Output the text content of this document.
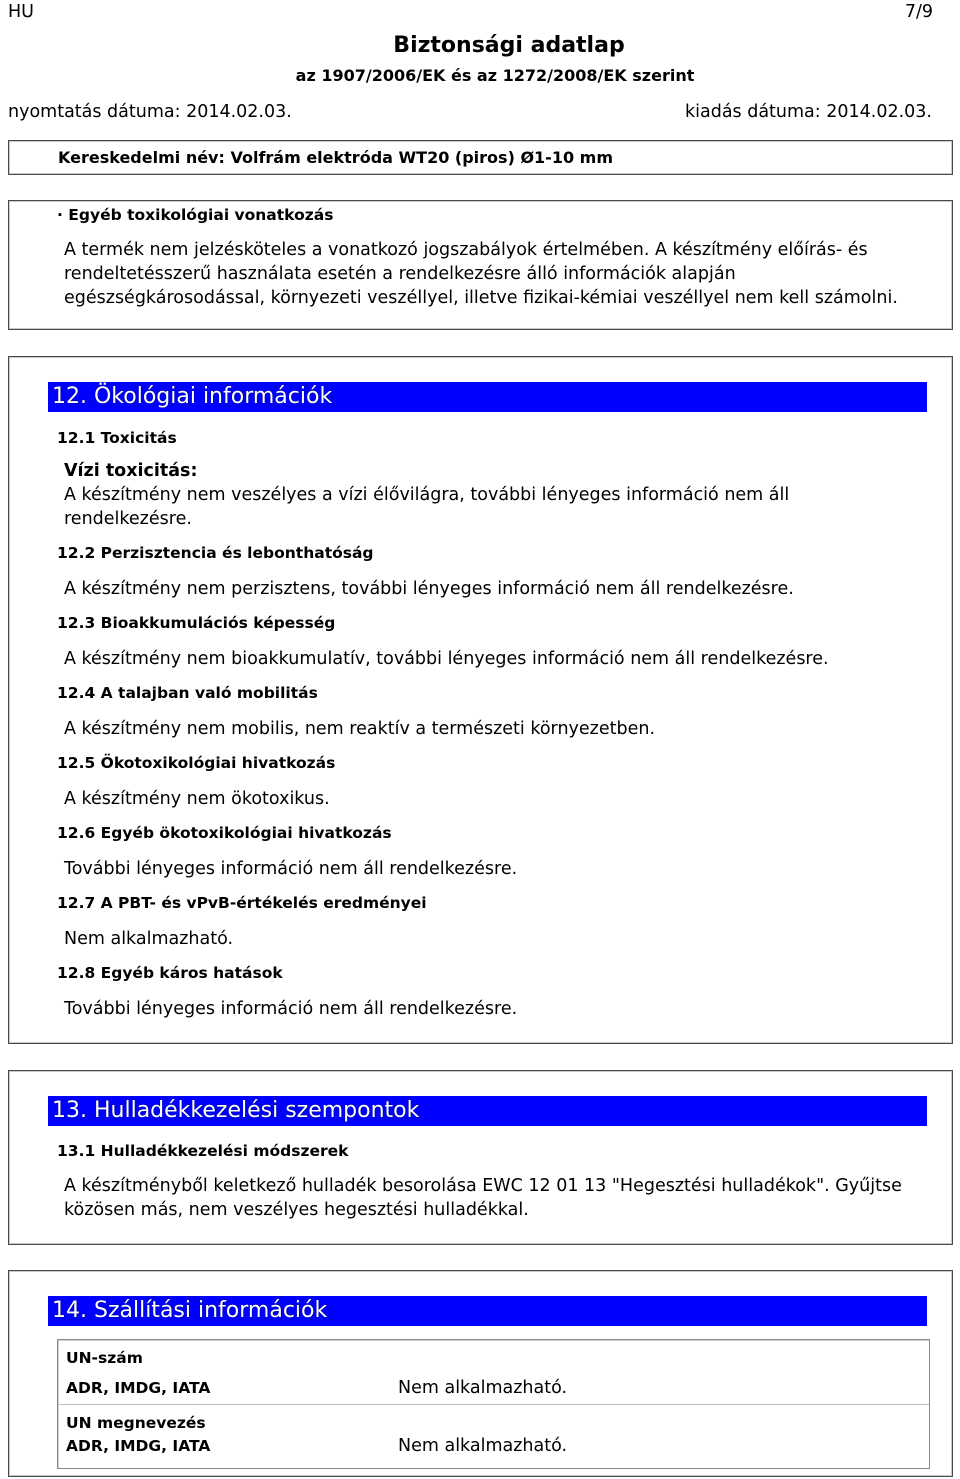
HU	7/9
Biztonsági adatlap
az 1907/2006/EK és az 1272/2008/EK szerint
nyomtatás dátuma: 2014.02.03.	kiadás dátuma: 2014.02.03.
Kereskedelmi név: Volfrám elektróda WT20 (piros) Ø1-10 mm
· Egyéb toxikológiai vonatkozás
A termék nem jelzésköteles a vonatkozó jogszabályok értelmében. A készítmény előírás- és
rendeltetésszerű használata esetén a rendelkezésre álló információk alapján
egészségkárosodással, környezeti veszéllyel, illetve fizikai-kémiai veszéllyel nem kell számolni.
12. Ökológiai információk
12.1 Toxicitás
Vízi toxicitás:
A készítmény nem veszélyes a vízi élővilágra, további lényeges információ nem áll
rendelkezésre.
12.2 Perzisztencia és lebonthatóság
A készítmény nem perzisztens, további lényeges információ nem áll rendelkezésre.
12.3 Bioakkumulációs képesség
A készítmény nem bioakkumulatív, további lényeges információ nem áll rendelkezésre.
12.4 A talajban való mobilitás
A készítmény nem mobilis, nem reaktív a természeti környezetben.
12.5 Ökotoxikológiai hivatkozás
A készítmény nem ökotoxikus.
12.6 Egyéb ökotoxikológiai hivatkozás
További lényeges információ nem áll rendelkezésre.
12.7 A PBT- és vPvB-értékelés eredményei
Nem alkalmazható.
12.8 Egyéb káros hatások
További lényeges információ nem áll rendelkezésre.
13. Hulladékkezelési szempontok
13.1 Hulladékkezelési módszerek
A készítményből keletkező hulladék besorolása EWC 12 01 13 "Hegesztési hulladékok". Gyűjtse
közösen más, nem veszélyes hegesztési hulladékkal.
14. Szállítási információk
UN-szám
ADR, IMDG, IATA	Nem alkalmazható.
UN megnevezés
ADR, IMDG, IATA	Nem alkalmazható.
